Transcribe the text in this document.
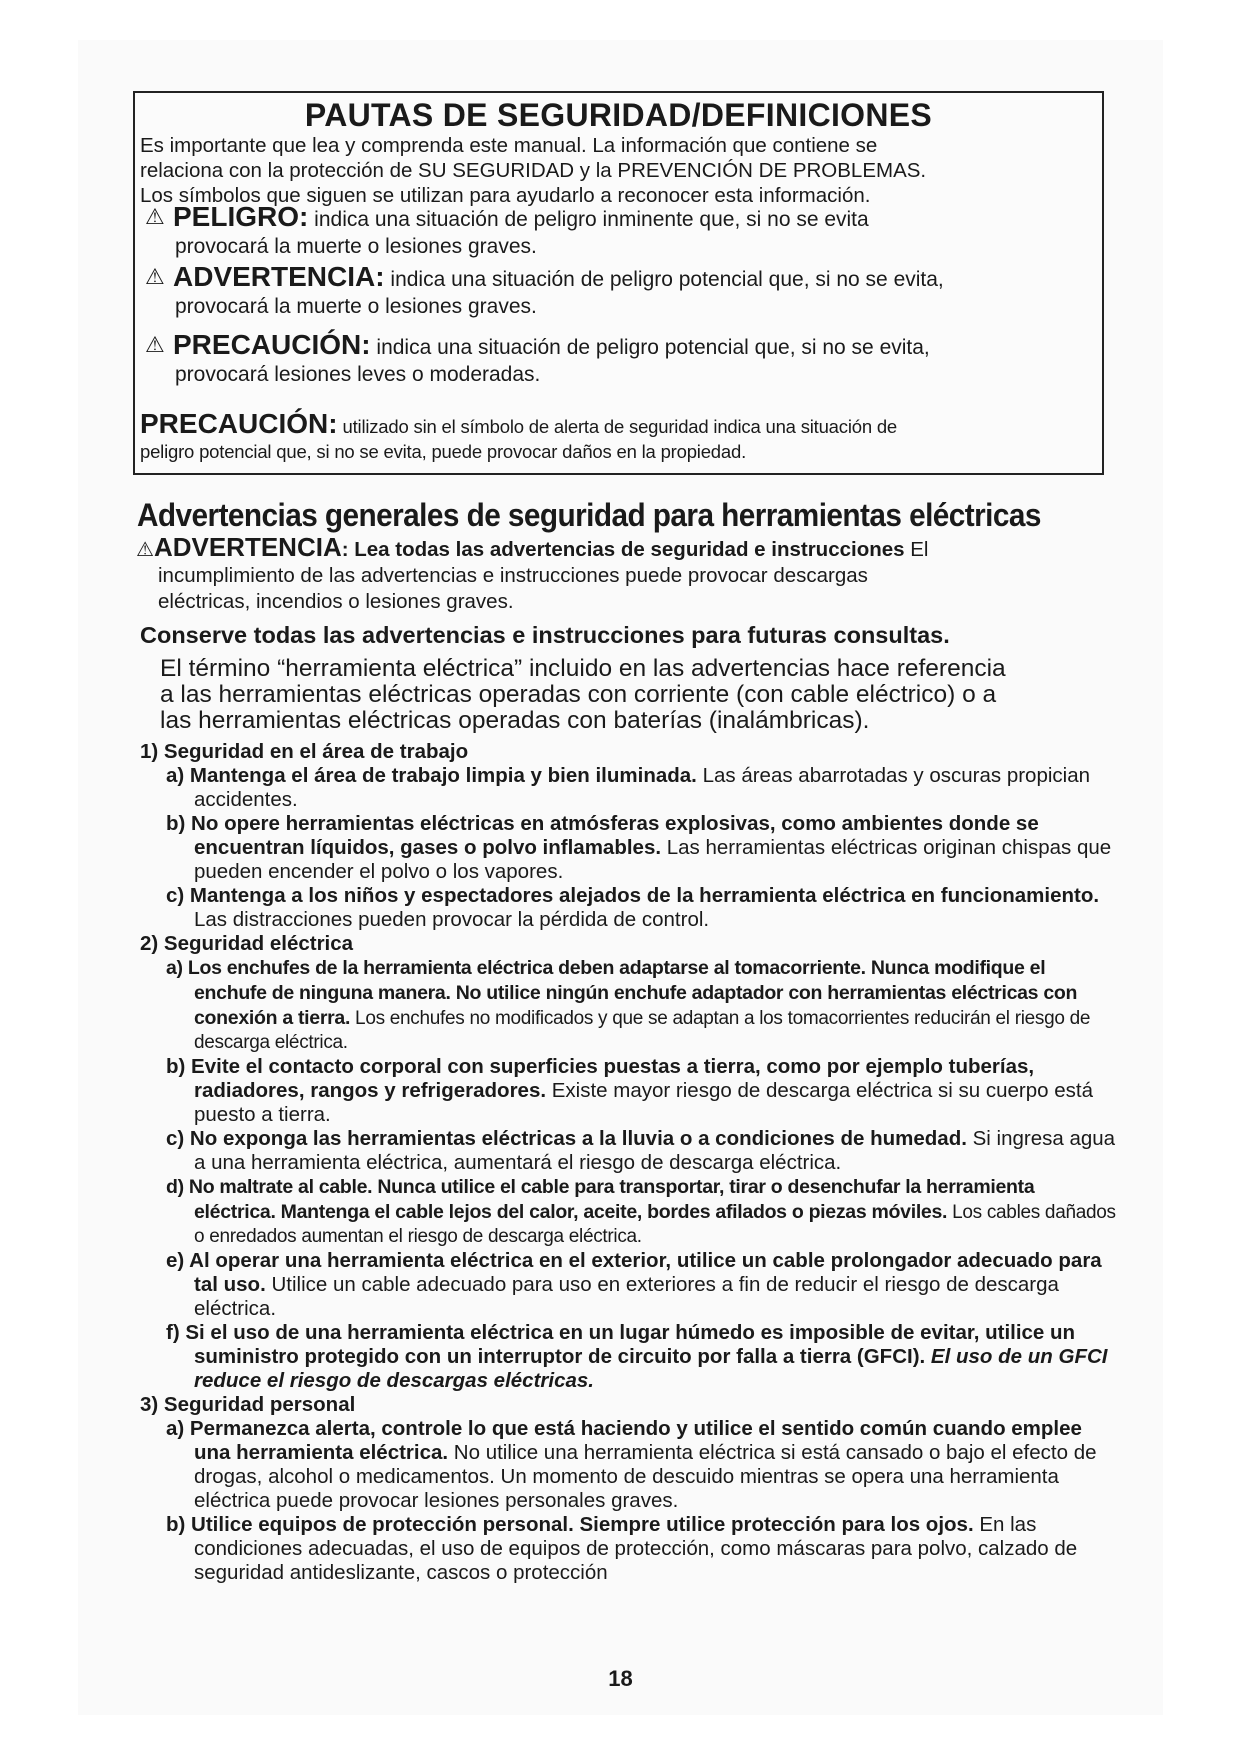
PAUTAS DE SEGURIDAD/DEFINICIONES
Es importante que lea y comprenda este manual. La información que contiene se
relaciona con la protección de SU SEGURIDAD y la PREVENCIÓN DE PROBLEMAS.
Los símbolos que siguen se utilizan para ayudarlo a reconocer esta información.
⚠ PELIGRO: indica una situación de peligro inminente que, si no se evita
provocará la muerte o lesiones graves.
⚠ ADVERTENCIA: indica una situación de peligro potencial que, si no se evita,
provocará la muerte o lesiones graves.
⚠ PRECAUCIÓN: indica una situación de peligro potencial que, si no se evita,
provocará lesiones leves o moderadas.
PRECAUCIÓN: utilizado sin el símbolo de alerta de seguridad indica una situación de
peligro potencial que, si no se evita, puede provocar daños en la propiedad.
Advertencias generales de seguridad para herramientas eléctricas
⚠ADVERTENCIA: Lea todas las advertencias de seguridad e instrucciones El
incumplimiento de las advertencias e instrucciones puede provocar descargas
eléctricas, incendios o lesiones graves.
Conserve todas las advertencias e instrucciones para futuras consultas.
El término “herramienta eléctrica” incluido en las advertencias hace referencia
a las herramientas eléctricas operadas con corriente (con cable eléctrico) o a
las herramientas eléctricas operadas con baterías (inalámbricas).
1) Seguridad en el área de trabajo
a) Mantenga el área de trabajo limpia y bien iluminada. Las áreas abarrotadas y oscuras propician accidentes.
b) No opere herramientas eléctricas en atmósferas explosivas, como ambientes donde se encuentran líquidos, gases o polvo inflamables. Las herramientas eléctricas originan chispas que pueden encender el polvo o los vapores.
c) Mantenga a los niños y espectadores alejados de la herramienta eléctrica en funcionamiento. Las distracciones pueden provocar la pérdida de control.
2) Seguridad eléctrica
a) Los enchufes de la herramienta eléctrica deben adaptarse al tomacorriente. Nunca modifique el enchufe de ninguna manera. No utilice ningún enchufe adaptador con herramientas eléctricas con conexión a tierra. Los enchufes no modificados y que se adaptan a los tomacorrientes reducirán el riesgo de descarga eléctrica.
b) Evite el contacto corporal con superficies puestas a tierra, como por ejemplo tuberías, radiadores, rangos y refrigeradores. Existe mayor riesgo de descarga eléctrica si su cuerpo está puesto a tierra.
c) No exponga las herramientas eléctricas a la lluvia o a condiciones de humedad. Si ingresa agua a una herramienta eléctrica, aumentará el riesgo de descarga eléctrica.
d) No maltrate al cable. Nunca utilice el cable para transportar, tirar o desenchufar la herramienta eléctrica. Mantenga el cable lejos del calor, aceite, bordes afilados o piezas móviles. Los cables dañados o enredados aumentan el riesgo de descarga eléctrica.
e) Al operar una herramienta eléctrica en el exterior, utilice un cable prolongador adecuado para tal uso. Utilice un cable adecuado para uso en exteriores a fin de reducir el riesgo de descarga eléctrica.
f) Si el uso de una herramienta eléctrica en un lugar húmedo es imposible de evitar, utilice un suministro protegido con un interruptor de circuito por falla a tierra (GFCI). El uso de un GFCI reduce el riesgo de descargas eléctricas.
3) Seguridad personal
a) Permanezca alerta, controle lo que está haciendo y utilice el sentido común cuando emplee una herramienta eléctrica. No utilice una herramienta eléctrica si está cansado o bajo el efecto de drogas, alcohol o medicamentos. Un momento de descuido mientras se opera una herramienta eléctrica puede provocar lesiones personales graves.
b) Utilice equipos de protección personal. Siempre utilice protección para los ojos. En las condiciones adecuadas, el uso de equipos de protección, como máscaras para polvo, calzado de seguridad antideslizante, cascos o protección
18
